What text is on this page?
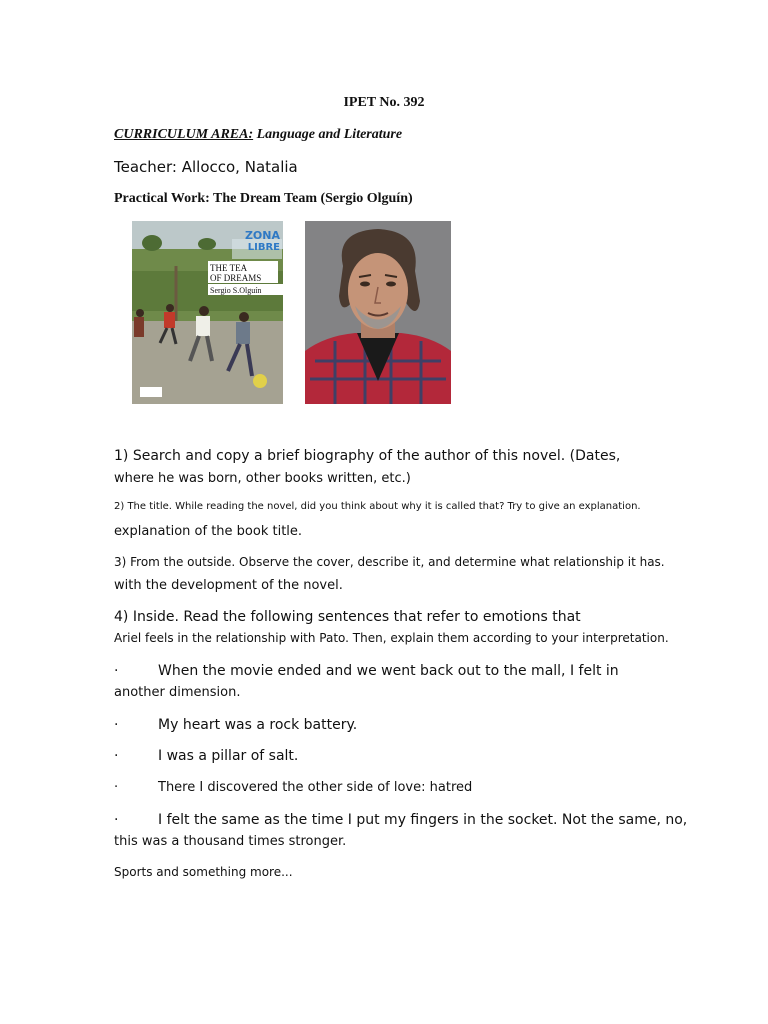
IPET No. 392
CURRICULUM AREA: Language and Literature
Teacher: Allocco, Natalia
Practical Work: The Dream Team (Sergio Olguín)
ZONA
LIBRE
THE TEA
OF DREAMS
Sergio S.Olguín
1) Search and copy a brief biography of the author of this novel. (Dates,
where he was born, other books written, etc.)
2) The title. While reading the novel, did you think about why it is called that? Try to give an explanation.
explanation of the book title.
3) From the outside. Observe the cover, describe it, and determine what relationship it has.
with the development of the novel.
4) Inside. Read the following sentences that refer to emotions that
Ariel feels in the relationship with Pato. Then, explain them according to your interpretation.
·	When the movie ended and we went back out to the mall, I felt in
another dimension.
·	My heart was a rock battery.
·	I was a pillar of salt.
·	There I discovered the other side of love: hatred
·	I felt the same as the time I put my fingers in the socket. Not the same, no,
this was a thousand times stronger.
Sports and something more...
